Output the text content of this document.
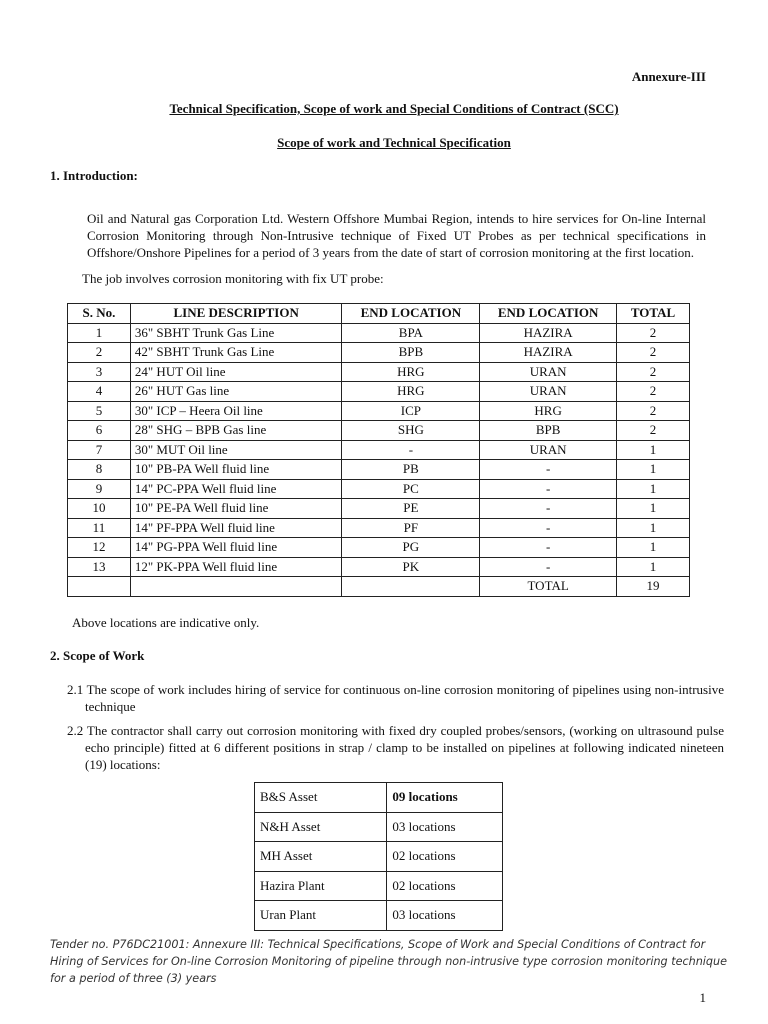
Annexure-III
Technical Specification, Scope of work and Special Conditions of Contract (SCC)
Scope of work and Technical Specification
1. Introduction:
Oil and Natural gas Corporation Ltd. Western Offshore Mumbai Region, intends to hire services for On-line Internal Corrosion Monitoring through Non-Intrusive technique of Fixed UT Probes as per technical specifications in Offshore/Onshore Pipelines for a period of 3 years from the date of start of corrosion monitoring at the first location.
The job involves corrosion monitoring with fix UT probe:
S. No.	LINE DESCRIPTION	END LOCATION	END LOCATION	TOTAL
1	36" SBHT Trunk Gas Line	BPA	HAZIRA	2
2	42" SBHT Trunk Gas Line	BPB	HAZIRA	2
3	24" HUT Oil line	HRG	URAN	2
4	26" HUT Gas line	HRG	URAN	2
5	30" ICP – Heera Oil line	ICP	HRG	2
6	28" SHG – BPB Gas line	SHG	BPB	2
7	30" MUT Oil line	-	URAN	1
8	10" PB-PA Well fluid line	PB	-	1
9	14" PC-PPA Well fluid line	PC	-	1
10	10" PE-PA Well fluid line	PE	-	1
11	14" PF-PPA Well fluid line	PF	-	1
12	14" PG-PPA Well fluid line	PG	-	1
13	12" PK-PPA Well fluid line	PK	-	1
			TOTAL	19
Above locations are indicative only.
2. Scope of Work
2.1 The scope of work includes hiring of service for continuous on-line corrosion monitoring of pipelines using non-intrusive technique
2.2 The contractor shall carry out corrosion monitoring with fixed dry coupled probes/sensors, (working on ultrasound pulse echo principle) fitted at 6 different positions in strap / clamp to be installed on pipelines at following indicated nineteen (19) locations:
B&S Asset	09 locations
N&H Asset	03 locations
MH Asset	02 locations
Hazira Plant	02 locations
Uran Plant	03 locations
Tender no. P76DC21001: Annexure III: Technical Specifications, Scope of Work and Special Conditions of Contract for Hiring of Services for On-line Corrosion Monitoring of pipeline through non-intrusive type corrosion monitoring technique for a period of three (3) years
1
